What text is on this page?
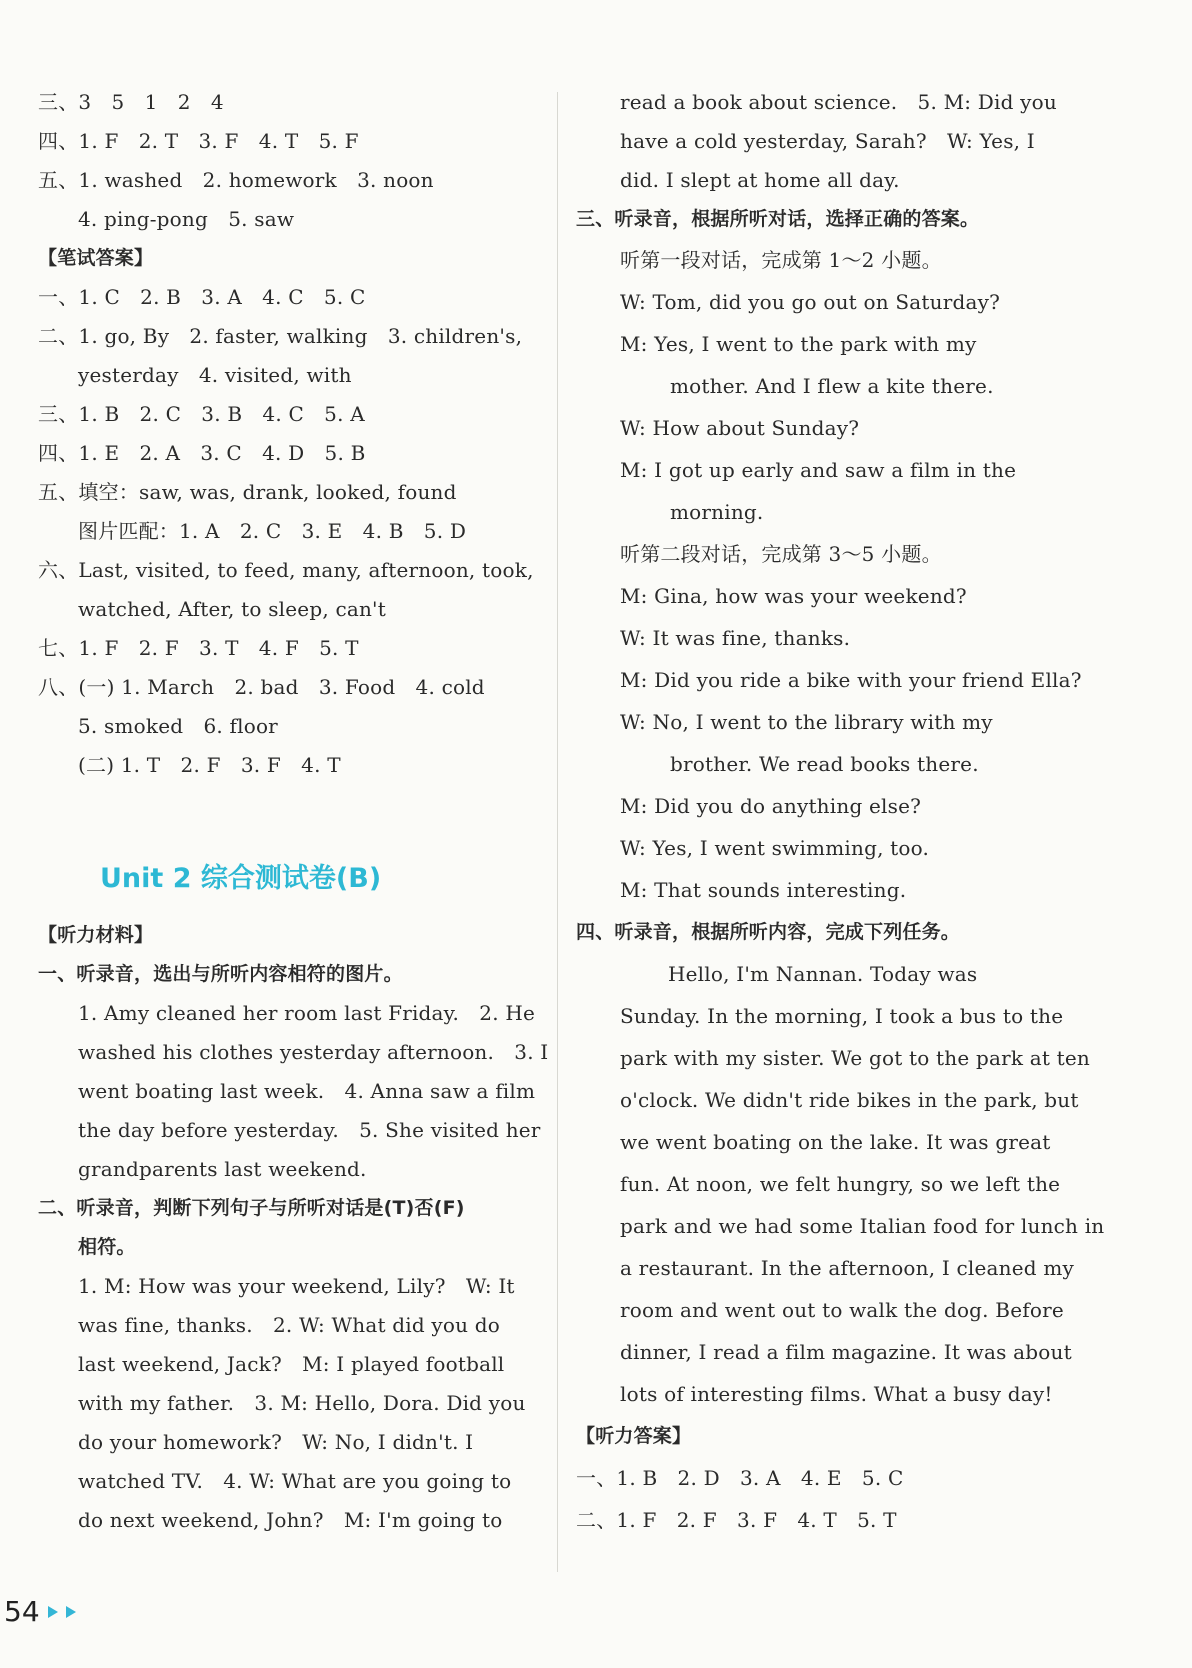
三、3　5　1　2　4
四、1. F　2. T　3. F　4. T　5. F
五、1. washed　2. homework　3. noon
4. ping-pong　5. saw
【笔试答案】
一、1. C　2. B　3. A　4. C　5. C
二、1. go, By　2. faster, walking　3. children's,
yesterday　4. visited, with
三、1. B　2. C　3. B　4. C　5. A
四、1. E　2. A　3. C　4. D　5. B
五、填空：saw, was, drank, looked, found
图片匹配：1. A　2. C　3. E　4. B　5. D
六、Last, visited, to feed, many, afternoon, took,
watched, After, to sleep, can't
七、1. F　2. F　3. T　4. F　5. T
八、(一) 1. March　2. bad　3. Food　4. cold
5. smoked　6. floor
(二) 1. T　2. F　3. F　4. T
【听力材料】
一、听录音，选出与所听内容相符的图片。
1. Amy cleaned her room last Friday.　2. He
washed his clothes yesterday afternoon.　3. I
went boating last week.　4. Anna saw a film
the day before yesterday.　5. She visited her
grandparents last weekend.
二、听录音，判断下列句子与所听对话是(T)否(F)
相符。
1. M: How was your weekend, Lily?　W: It
was fine, thanks.　2. W: What did you do
last weekend, Jack?　M: I played football
with my father.　3. M: Hello, Dora. Did you
do your homework?　W: No, I didn't. I
watched TV.　4. W: What are you going to
do next weekend, John?　M: I'm going to
Unit 2 综合测试卷(B)
read a book about science.　5. M: Did you
have a cold yesterday, Sarah?　W: Yes, I
did. I slept at home all day.
三、听录音，根据所听对话，选择正确的答案。
听第一段对话，完成第 1～2 小题。
W: Tom, did you go out on Saturday?
M: Yes, I went to the park with my
mother. And I flew a kite there.
W: How about Sunday?
M: I got up early and saw a film in the
morning.
听第二段对话，完成第 3～5 小题。
M: Gina, how was your weekend?
W: It was fine, thanks.
M: Did you ride a bike with your friend Ella?
W: No, I went to the library with my
brother. We read books there.
M: Did you do anything else?
W: Yes, I went swimming, too.
M: That sounds interesting.
四、听录音，根据所听内容，完成下列任务。
Hello, I'm Nannan. Today was
Sunday. In the morning, I took a bus to the
park with my sister. We got to the park at ten
o'clock. We didn't ride bikes in the park, but
we went boating on the lake. It was great
fun. At noon, we felt hungry, so we left the
park and we had some Italian food for lunch in
a restaurant. In the afternoon, I cleaned my
room and went out to walk the dog. Before
dinner, I read a film magazine. It was about
lots of interesting films. What a busy day!
【听力答案】
一、1. B　2. D　3. A　4. E　5. C
二、1. F　2. F　3. F　4. T　5. T
54
